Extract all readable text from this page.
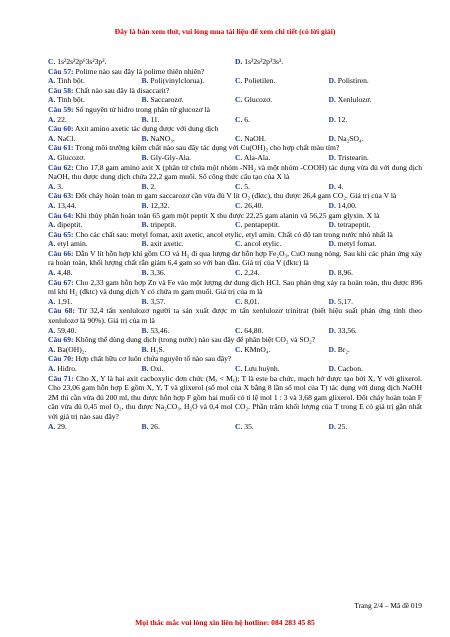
Đây là bản xem thử, vui lòng mua tài liệu để xem chi tiết (có lời giải)
C. 1s²2s²2p⁶3s²3p².	D. 1s²2s²2p³3s³.
Câu 57: Polime nào sau đây là polime thiên nhiên?
A. Tinh bột.	B. Poli(vinylclorua).	C. Polietilen.	D. Polistiren.
Câu 58: Chất nào sau đây là disaccarit?
A. Tinh bột.	B. Saccarozơ.	C. Glucozơ.	D. Xenlulozơ.
Câu 59: Số nguyên tử hiđro trong phân tử glucozơ là
A. 22.	B. 11.	C. 6.	D. 12.
Câu 60: Axit amino axetic tác dụng được với dung dịch
A. NaCl.	B. NaNO₃.	C. NaOH.	D. Na₂SO₄.
Câu 61: Trong môi trường kiềm chất nào sau đây tác dụng với Cu(OH)₂ cho hợp chất màu tím?
A. Glucozơ.	B. Gly-Gly-Ala.	C. Ala-Ala.	D. Tristearin.
Câu 62: Cho 17,8 gam amino axit X (phân tử chứa một nhóm -NH₂ và một nhóm -COOH) tác dụng vừa đủ với dung dịch NaOH, thu được dung dịch chứa 22,2 gam muối. Số công thức cấu tạo của X là
A. 3.	B. 2.	C. 5.	D. 4.
Câu 63: Đốt cháy hoàn toàn m gam saccarozơ cần vừa đủ V lít O₂ (đktc), thu được 26,4 gam CO₂. Giá trị của V là
A. 13,44.	B. 12,32.	C. 26,40.	D. 14,00.
Câu 64: Khi thủy phân hoàn toàn 65 gam một peptit X thu được 22,25 gam alanin và 56,25 gam glyxin. X là
A. đipeptit.	B. tripeptit.	C. pentapeptit.	D. tetrapeptit.
Câu 65: Cho các chất sau: metyl fomat, axit axetic, ancol etylic, etyl amin. Chất có độ tan trong nước nhỏ nhất là
A. etyl amin.	B. axit axetic.	C. ancol etylic.	D. metyl fomat.
Câu 66: Dẫn V lít hỗn hợp khí gồm CO và H₂ đi qua lượng dư hỗn hợp Fe₂O₃, CuO nung nóng. Sau khi các phản ứng xảy ra hoàn toàn, khối lượng chất rắn giảm 6,4 gam so với ban đầu. Giá trị của V (đktc) là
A. 4,48.	B. 3,36.	C. 2,24.	D. 8,96.
Câu 67: Cho 2,33 gam hỗn hợp Zn và Fe vào một lượng dư dung dịch HCl. Sau phản ứng xảy ra hoàn toàn, thu được 896 ml khí H₂ (đktc) và dung dịch Y có chứa m gam muối. Giá trị của m là
A. 1,91.	B. 3,57.	C. 8,01.	D. 5,17.
Câu 68: Từ 32,4 tấn xenlulozơ người ta sản xuất được m tấn xenlulozơ trinitrat (biết hiệu suất phản ứng tính theo xenlulozơ là 90%). Giá trị của m là
A. 59,40.	B. 53,46.	C. 64,80.	D. 33,56.
Câu 69: Không thể dùng dung dịch (trong nước) nào sau đây để phân biệt CO₂ và SO₂?
A. Ba(OH)₂.	B. H₂S.	C. KMnO₄.	D. Br₂.
Câu 70: Hợp chất hữu cơ luôn chứa nguyên tố nào sau đây?
A. Hiđro.	B. Oxi.	C. Lưu huỳnh.	D. Cacbon.
Câu 71: Cho X, Y là hai axit cacboxylic đơn chức (Mₓ < Mᵧ); T là este ba chức, mạch hở được tạo bởi X, Y với glixerol. Cho 23,06 gam hỗn hợp E gồm X, Y, T và glixerol (số mol của X bằng 8 lần số mol của T) tác dụng với dung dịch NaOH 2M thì cần vừa đủ 200 ml, thu được hỗn hợp F gồm hai muối có tỉ lệ mol 1 : 3 và 3,68 gam glixerol. Đốt cháy hoàn toàn F cần vừa đủ 0,45 mol O₂, thu được Na₂CO₃, H₂O và 0,4 mol CO₂. Phần trăm khối lượng của T trong E có giá trị gần nhất với giá trị nào sau đây?
A. 29.	B. 26.	C. 35.	D. 25.
Trang 2/4 – Mã đề 019
Mọi thắc mắc vui lòng xin liên hệ hotline: 084 283 45 85
